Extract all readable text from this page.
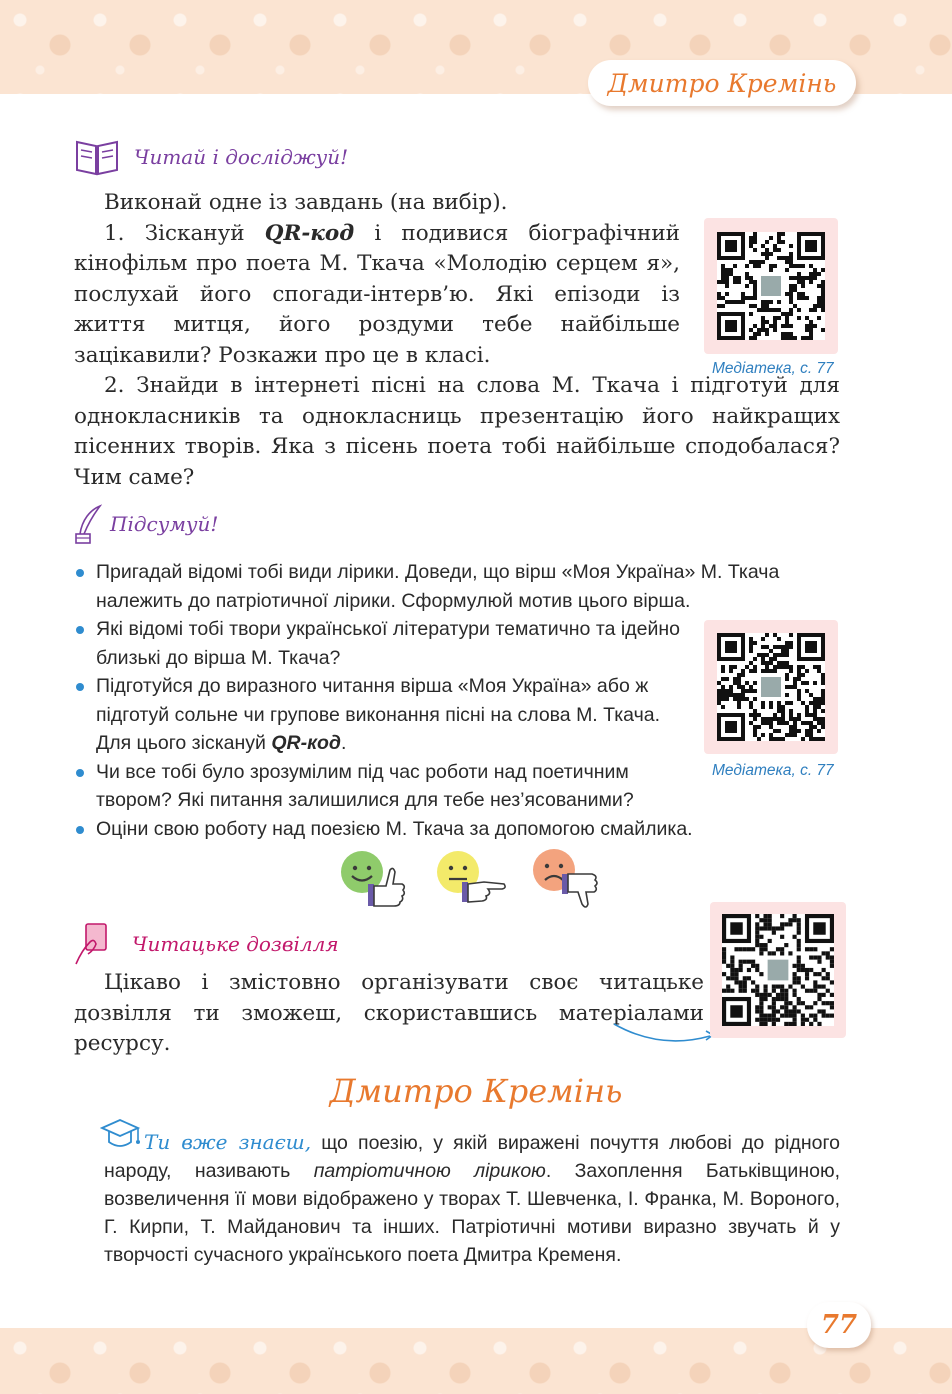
Дмитро Кремінь
Читай і досліджуй!

Виконай одне із завдань (на вибір).

1. Зіскануй QR-код і подивися біографічний кінофільм про поета М. Ткача «Молодію серцем я», послухай його спогади-інтерв’ю. Які епізоди із життя митця, його роздуми тебе найбільше зацікавили? Розкажи про це в класі.

2. Знайди в інтернеті пісні на слова М. Ткача і підготуй для однокласників та однокласниць презентацію його найкращих пісенних творів. Яка з пісень поета тобі найбільше сподобалася? Чим саме?

Медіатека, с. 77
Підсумуй!
Пригадай відомі тобі види лірики. Доведи, що вірш «Моя Україна» М. Ткача належить до патріотичної лірики. Сформулюй мотив цього вірша.
Які відомі тобі твори української літератури тематично та ідейно близькі до вірша М. Ткача?
Підготуйся до виразного читання вірша «Моя Україна» або ж підготуй сольне чи групове виконання пісні на слова М. Ткача. Для цього зіскануй QR-код.
Чи все тобі було зрозумілим під час роботи над поетичним твором? Які питання залишилися для тебе нез’ясованими?
Оціни свою роботу над поезією М. Ткача за допомогою смайлика.
Медіатека, с. 77
Читацьке дозвілля

Цікаво і змістовно організувати своє читацьке дозвілля ти зможеш, скориставшись матеріалами ресурсу.

Дмитро Кремінь
Ти вже знаєш, що поезію, у якій виражені почуття любові до рідного народу, називають патріотичною лірикою. Захоплення Батьківщиною, возвеличення її мови відображено у творах Т. Шевченка, І. Франка, М. Вороного, Г. Кирпи, Т. Майданович та інших. Патріотичні мотиви виразно звучать й у творчості сучасного українського поета Дмитра Кременя.
77
